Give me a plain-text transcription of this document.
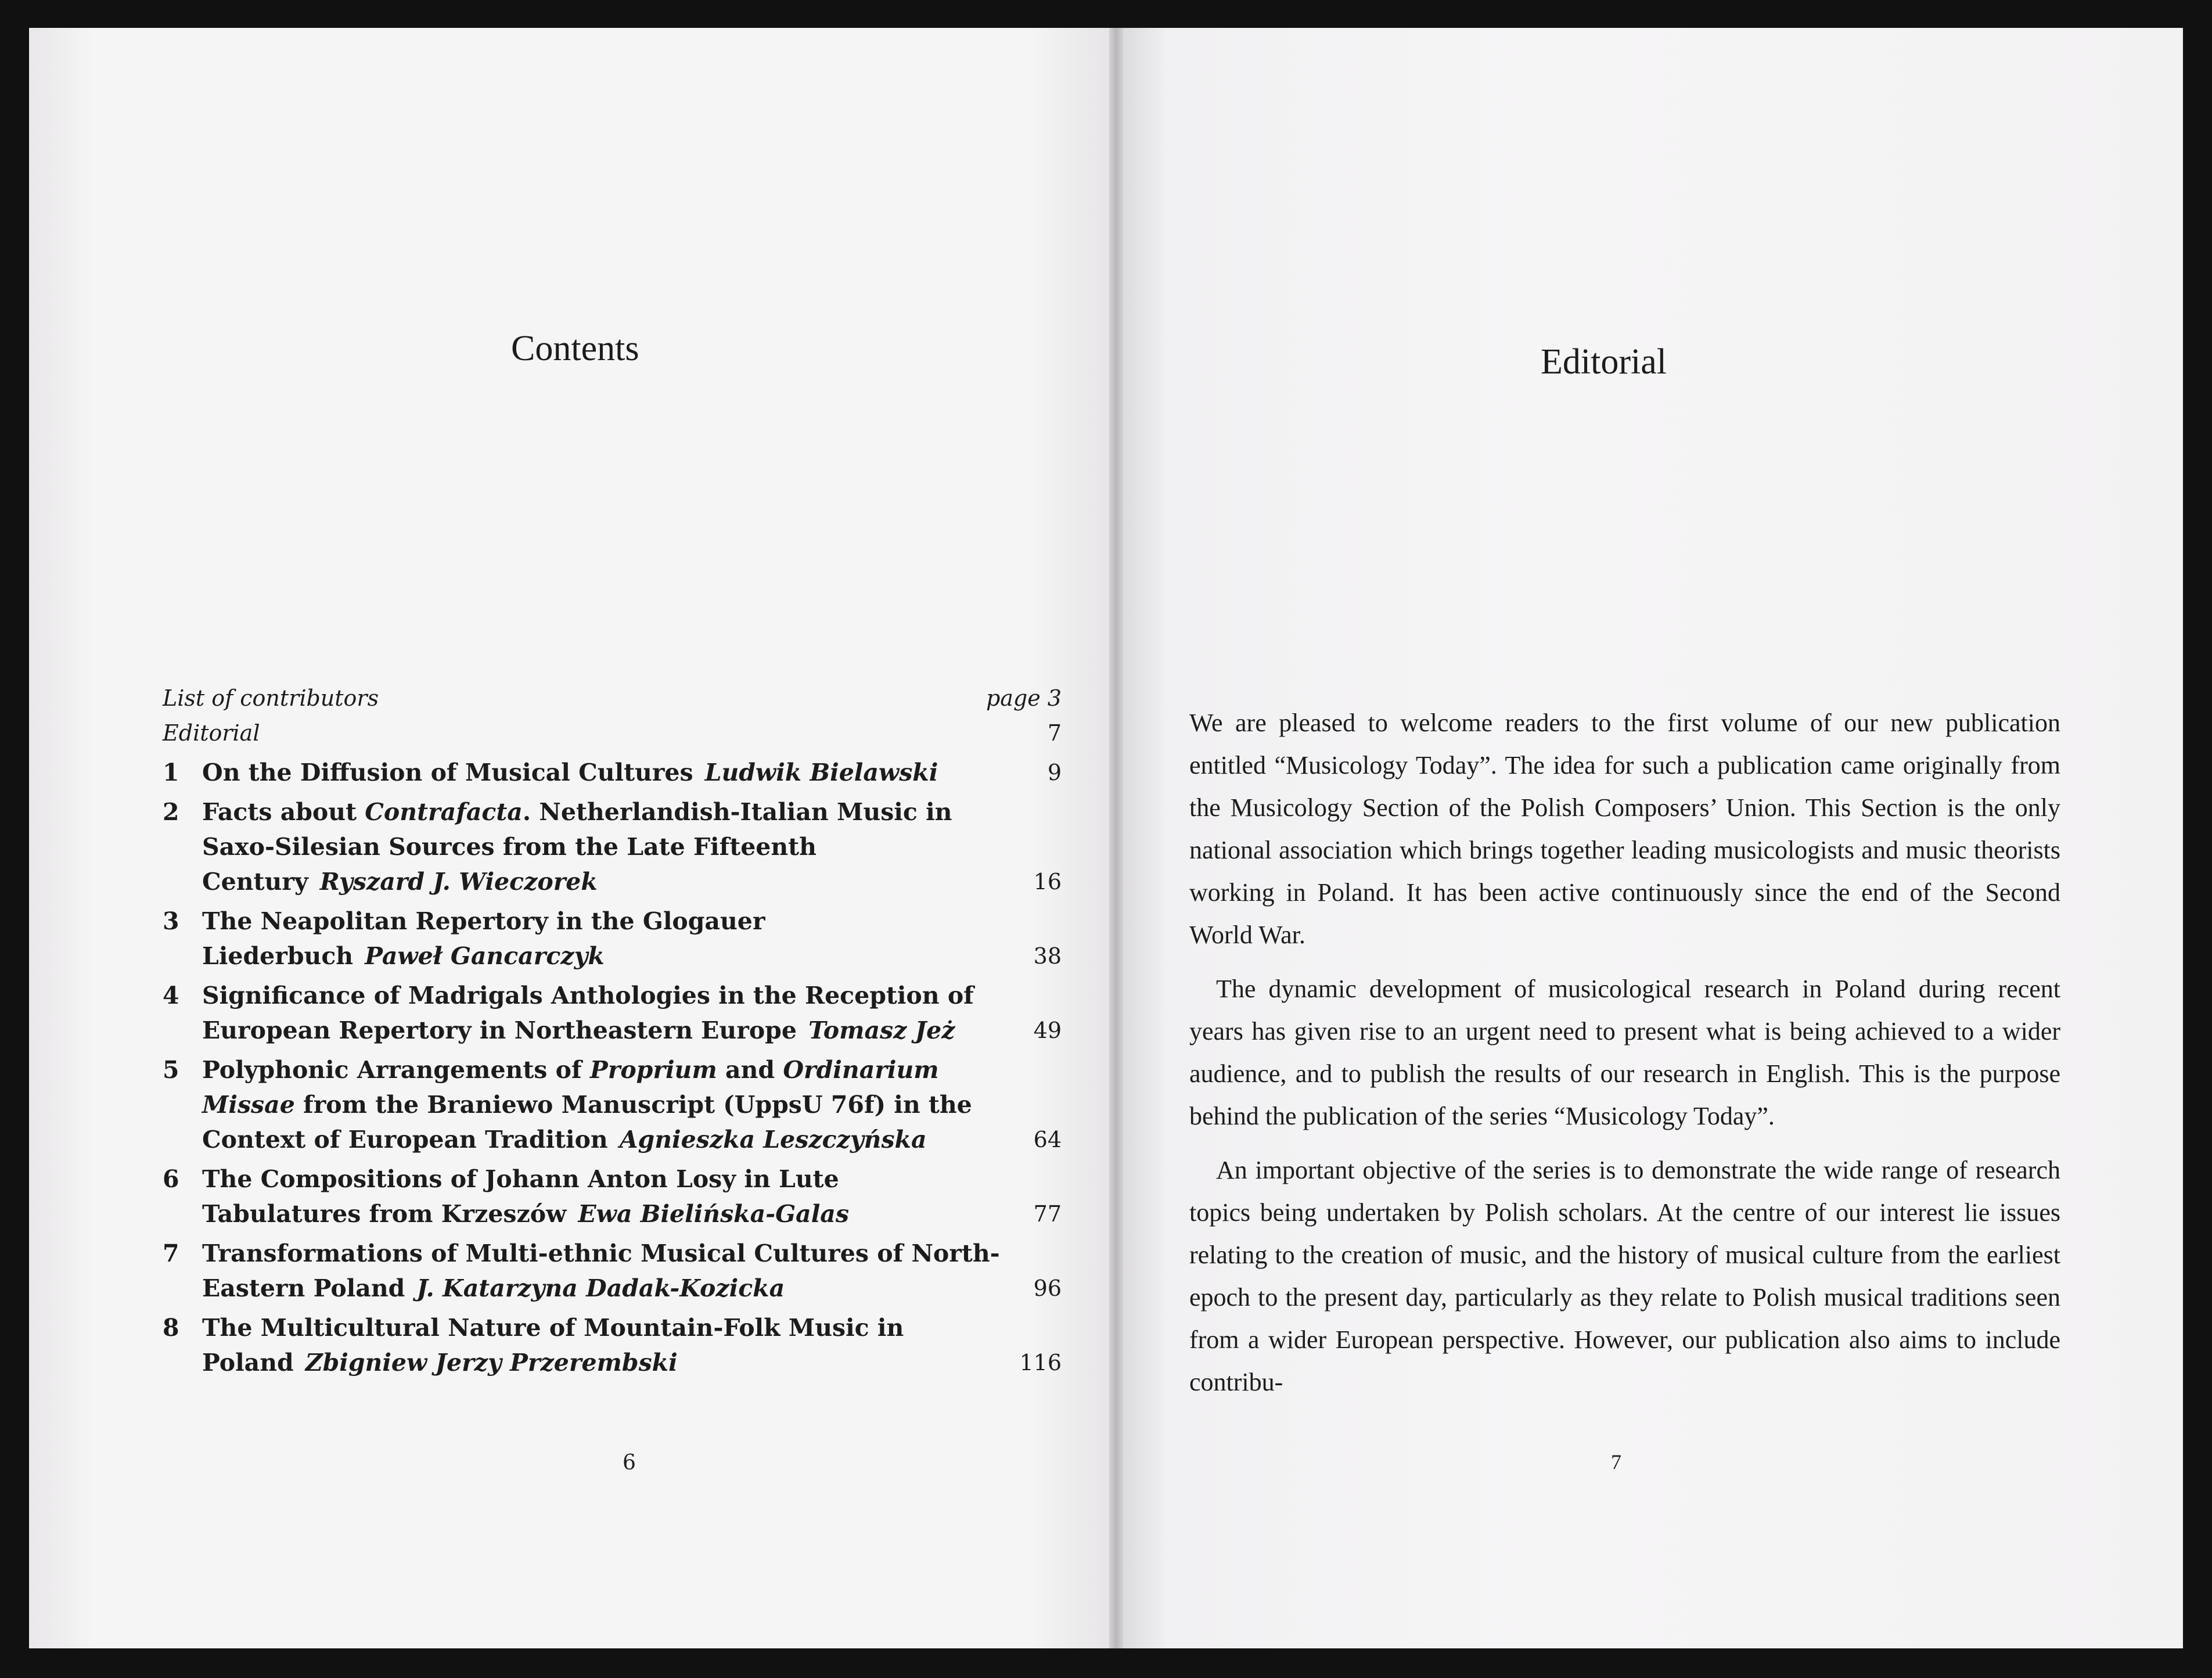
Contents
List of contributors	page 3
Editorial	7
1 On the Diffusion of Musical Cultures Ludwik Bielawski	9
2 Facts about Contrafacta. Netherlandish-Italian Music in Saxo-Silesian Sources from the Late Fifteenth Century Ryszard J. Wieczorek	16
3 The Neapolitan Repertory in the Glogauer Liederbuch Paweł Gancarczyk	38
4 Significance of Madrigals Anthologies in the Reception of European Repertory in Northeastern Europe Tomasz Jeż	49
5 Polyphonic Arrangements of Proprium and Ordinarium Missae from the Braniewo Manuscript (UppsU 76f) in the Context of European Tradition Agnieszka Leszczyńska	64
6 The Compositions of Johann Anton Losy in Lute Tabulatures from Krzeszów Ewa Bielińska-Galas	77
7 Transformations of Multi-ethnic Musical Cultures of North-Eastern Poland J. Katarzyna Dadak-Kozicka	96
8 The Multicultural Nature of Mountain-Folk Music in Poland Zbigniew Jerzy Przerembski	116
6
Editorial

We are pleased to welcome readers to the first volume of our new publication entitled “Musicology Today”. The idea for such a publication came originally from the Musicology Section of the Polish Composers’ Union. This Section is the only national association which brings together leading musicologists and music theorists working in Poland. It has been active continuously since the end of the Second World War.

The dynamic development of musicological research in Poland during recent years has given rise to an urgent need to present what is being achieved to a wider audience, and to publish the results of our research in English. This is the purpose behind the publication of the series “Musicology Today”.

An important objective of the series is to demonstrate the wide range of research topics being undertaken by Polish scholars. At the centre of our interest lie issues relating to the creation of music, and the history of musical culture from the earliest epoch to the present day, particularly as they relate to Polish musical traditions seen from a wider European perspective. However, our publication also aims to include contribu-

7
